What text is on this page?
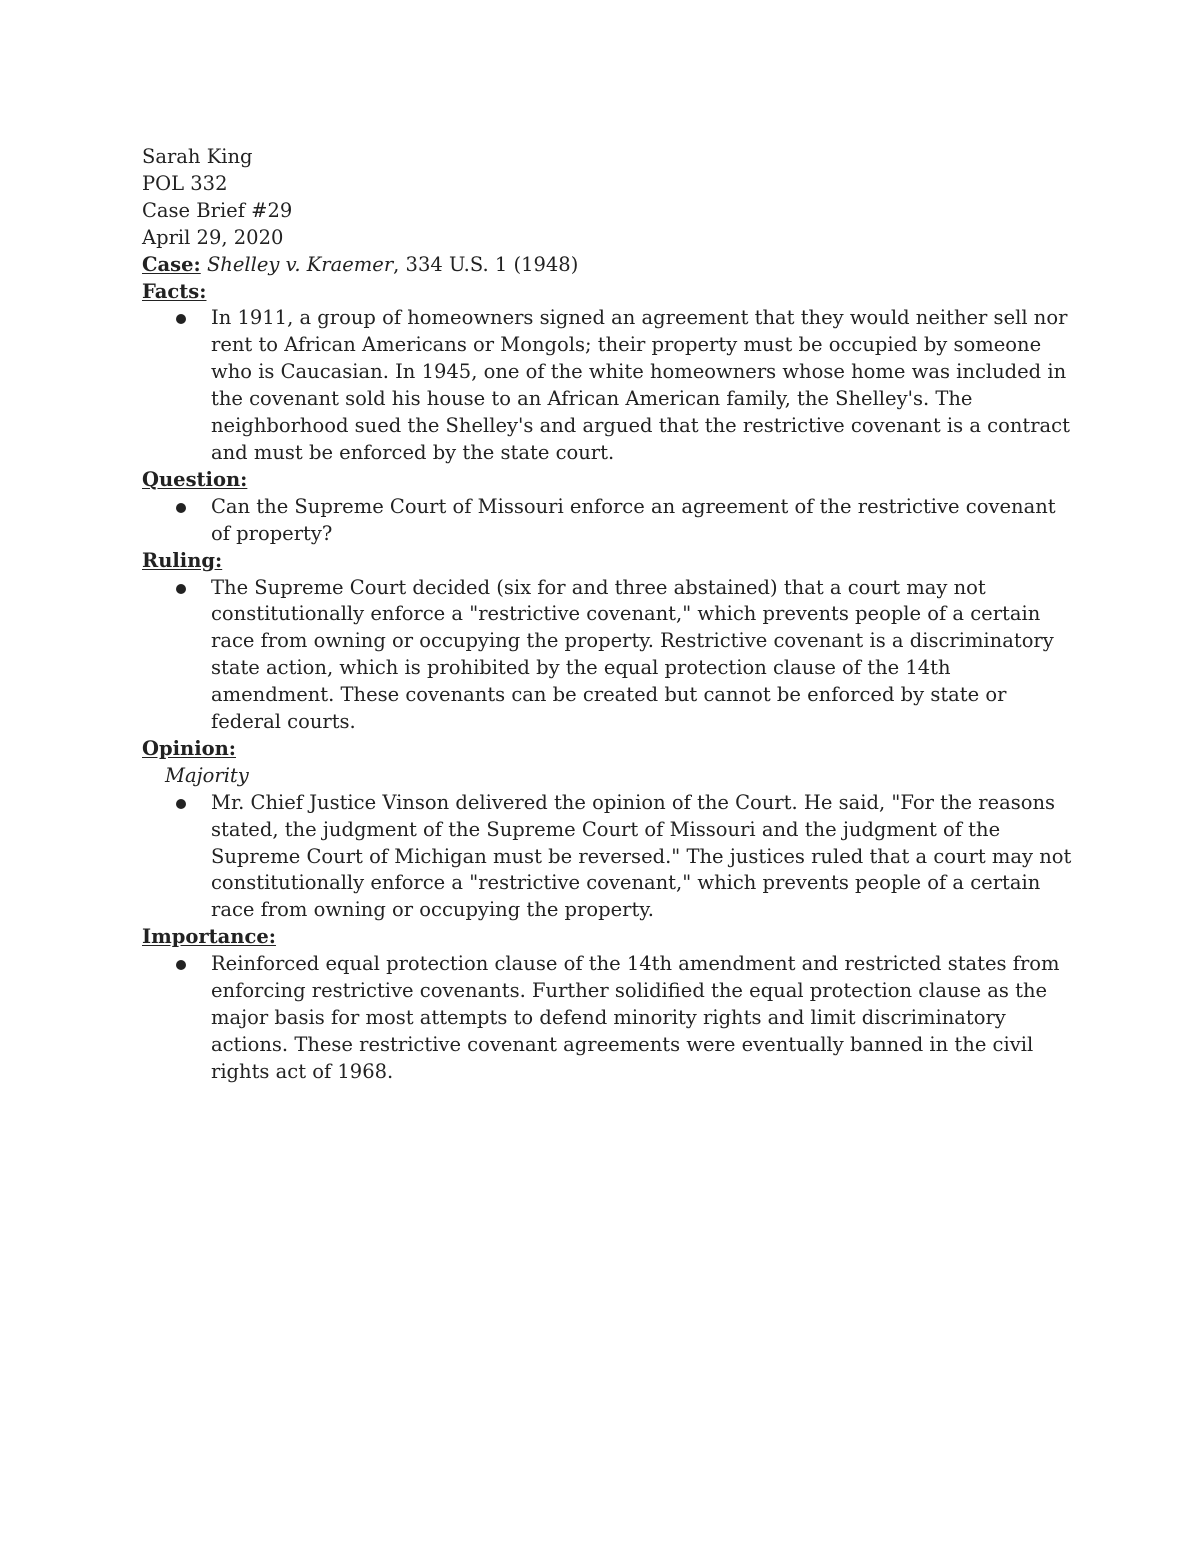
Sarah King
POL 332
Case Brief #29
April 29, 2020
Case: Shelley v. Kraemer, 334 U.S. 1 (1948)
Facts:
In 1911, a group of homeowners signed an agreement that they would neither sell nor rent to African Americans or Mongols; their property must be occupied by someone who is Caucasian. In 1945, one of the white homeowners whose home was included in the covenant sold his house to an African American family, the Shelley's. The neighborhood sued the Shelley's and argued that the restrictive covenant is a contract and must be enforced by the state court.
Question:
Can the Supreme Court of Missouri enforce an agreement of the restrictive covenant of property?
Ruling:
The Supreme Court decided (six for and three abstained) that a court may not constitutionally enforce a "restrictive covenant," which prevents people of a certain race from owning or occupying the property. Restrictive covenant is a discriminatory state action, which is prohibited by the equal protection clause of the 14th amendment. These covenants can be created but cannot be enforced by state or federal courts.
Opinion:
Majority
Mr. Chief Justice Vinson delivered the opinion of the Court. He said, "For the reasons stated, the judgment of the Supreme Court of Missouri and the judgment of the Supreme Court of Michigan must be reversed." The justices ruled that a court may not constitutionally enforce a "restrictive covenant," which prevents people of a certain race from owning or occupying the property.
Importance:
Reinforced equal protection clause of the 14th amendment and restricted states from enforcing restrictive covenants. Further solidified the equal protection clause as the major basis for most attempts to defend minority rights and limit discriminatory actions. These restrictive covenant agreements were eventually banned in the civil rights act of 1968.
